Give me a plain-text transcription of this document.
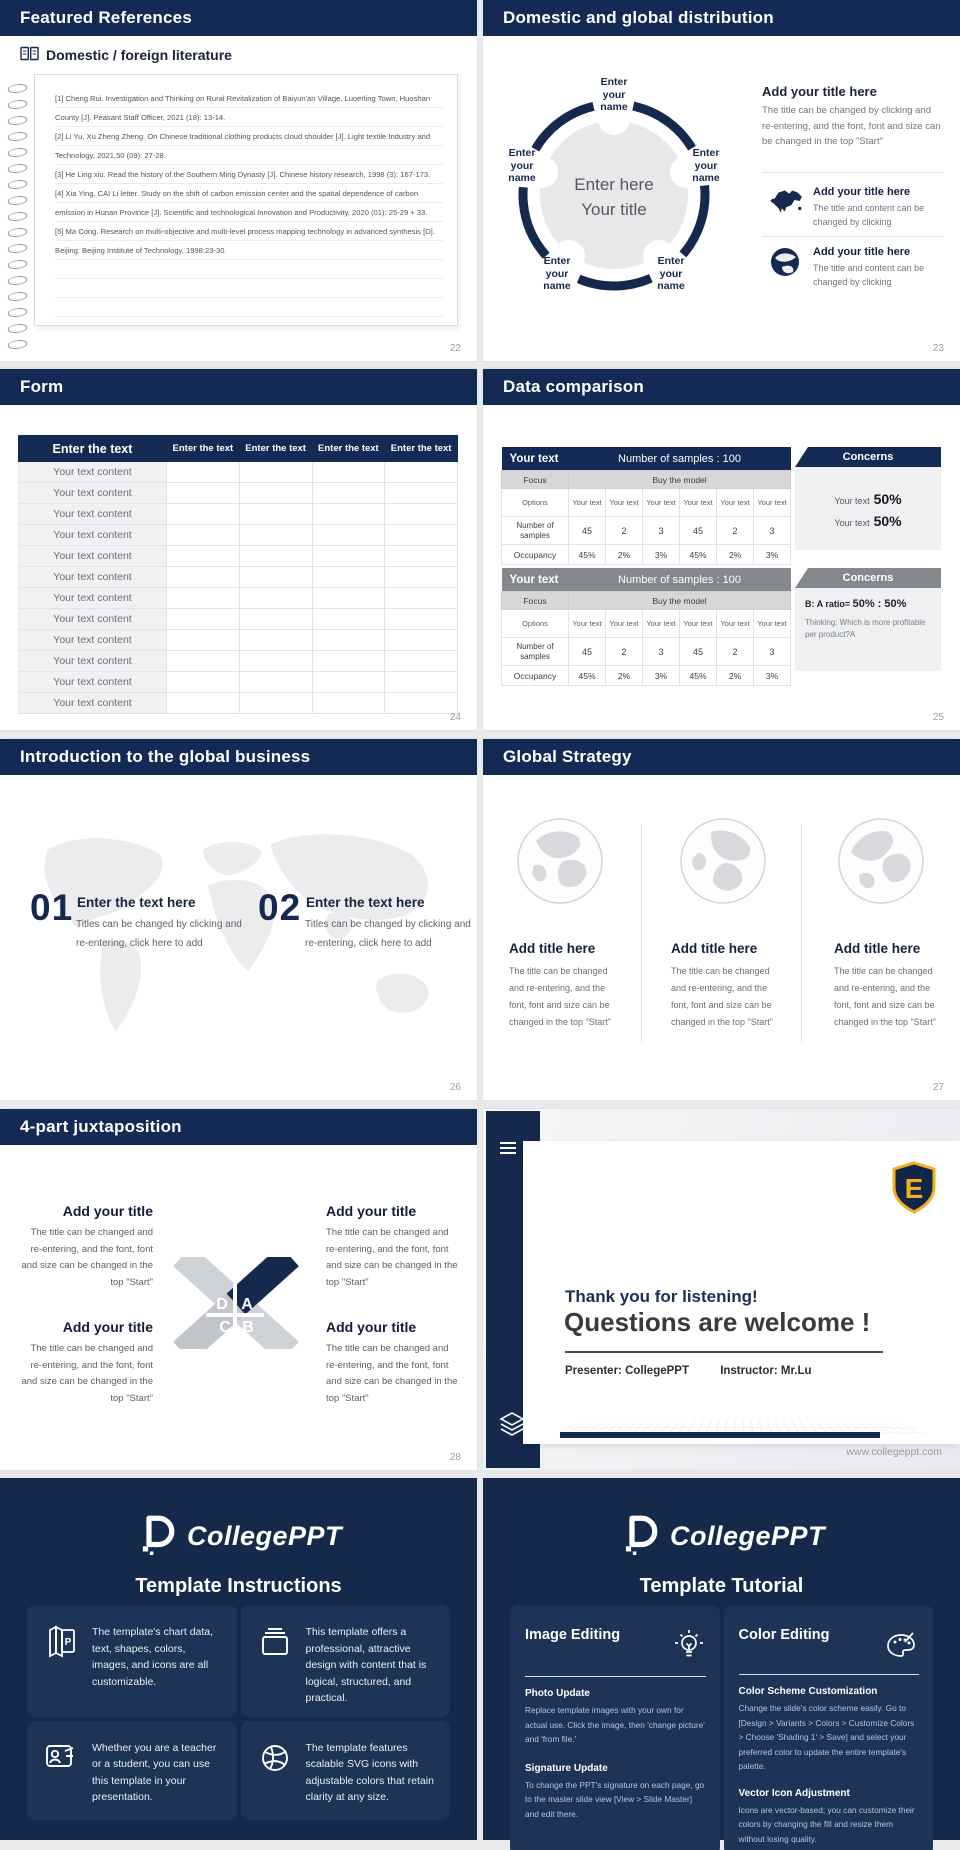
Featured References
Domestic / foreign literature

[1] Cheng Rui. Investigation and Thinking on Rural Revitalization of Baiyun'an Village, Luoerling Town, Huoshan County [J]. Peasant Staff Officer, 2021 (18): 13-14.

[2] Li Yu, Xu Zheng Zheng. On Chinese traditional clothing products cloud shoulder [J]. Light textile Industry and Technology, 2021,50 (09): 27-28.

[3] He Ling xiu. Read the history of the Southern Ming Dynasty [J]. Chinese history research, 1998 (3): 167-173.

[4] Xia Ying, CAI Li letter. Study on the shift of carbon emission center and the spatial dependence of carbon emission in Hunan Province [J]. Scientific and technological Innovation and Productivity, 2020 (01): 25-29 + 33.

[5] Ma Cong. Research on multi-objective and multi-level process mapping technology in advanced synthesis [D]. Beijing: Beijing Institute of Technology, 1998:23-30.

22
Domestic and global distribution
Enter here
Your title
Enter your name
Enter your name
Enter your name
Enter your name
Enter your name
Add your title here
The title can be changed by clicking and re-entering, and the font, font and size can be changed in the top "Start"
Add your title here
The title and content can be changed by clicking
Add your title here
The title and content can be changed by clicking
23
Form
Enter the text	Enter the text	Enter the text	Enter the text	Enter the text
Your text content				
Your text content				
Your text content				
Your text content				
Your text content				
Your text content				
Your text content				
Your text content				
Your text content				
Your text content				
Your text content				
Your text content				
24
Data comparison
Your text	Number of samples : 100					
Focus	Buy the model					
Options	Your text	Your text	Your text	Your text	Your text	Your text
Number of samples	45	2	3	45	2	3
Occupancy	45%	2%	3%	45%	2%	3%
Concerns
Your text 50%
Your text 50%
Your text	Number of samples : 100					
Focus	Buy the model					
Options	Your text	Your text	Your text	Your text	Your text	Your text
Number of samples	45	2	3	45	2	3
Occupancy	45%	2%	3%	45%	2%	3%
Concerns
B: A ratio= 50% : 50%
Thinking: Which is more profitable per product?A
25
Introduction to the global business
01 Enter the text here
Titles can be changed by clicking and re-entering, click here to add
02 Enter the text here
Titles can be changed by clicking and re-entering, click here to add
26
Global Strategy
Add title here
The title can be changed and re-entering, and the font, font and size can be changed in the top "Start"
Add title here
The title can be changed and re-entering, and the font, font and size can be changed in the top "Start"
Add title here
The title can be changed and re-entering, and the font, font and size can be changed in the top "Start"
27
4-part juxtaposition
Add your title
The title can be changed and re-entering, and the font, font and size can be changed in the top "Start"
Add your title
The title can be changed and re-entering, and the font, font and size can be changed in the top "Start"
Add your title
The title can be changed and re-entering, and the font, font and size can be changed in the top "Start"
Add your title
The title can be changed and re-entering, and the font, font and size can be changed in the top "Start"
D A
C B
28
E
Thank you for listening!
Questions are welcome !
Presenter: CollegePPT	Instructor: Mr.Lu
www.collegeppt.com
CollegePPT
Template Instructions
P

The template's chart data, text, shapes, colors, images, and icons are all customizable.

This template offers a professional, attractive design with content that is logical, structured, and practical.

Whether you are a teacher or a student, you can use this template in your presentation.

The template features scalable SVG icons with adjustable colors that retain clarity at any size.

CollegePPT
Template Tutorial
Image Editing
Photo Update
Replace template images with your own for actual use. Click the image, then 'change picture' and 'from file.'
Signature Update
To change the PPT's signature on each page, go to the master slide view [View > Slide Master] and edit there.
Color Editing
Color Scheme Customization
Change the slide's color scheme easily. Go to [Design > Variants > Colors > Customize Colors > Choose 'Shading 1' > Save] and select your preferred color to update the entire template's palette.
Vector Icon Adjustment
Icons are vector-based; you can customize their colors by changing the fill and resize them without losing quality.
